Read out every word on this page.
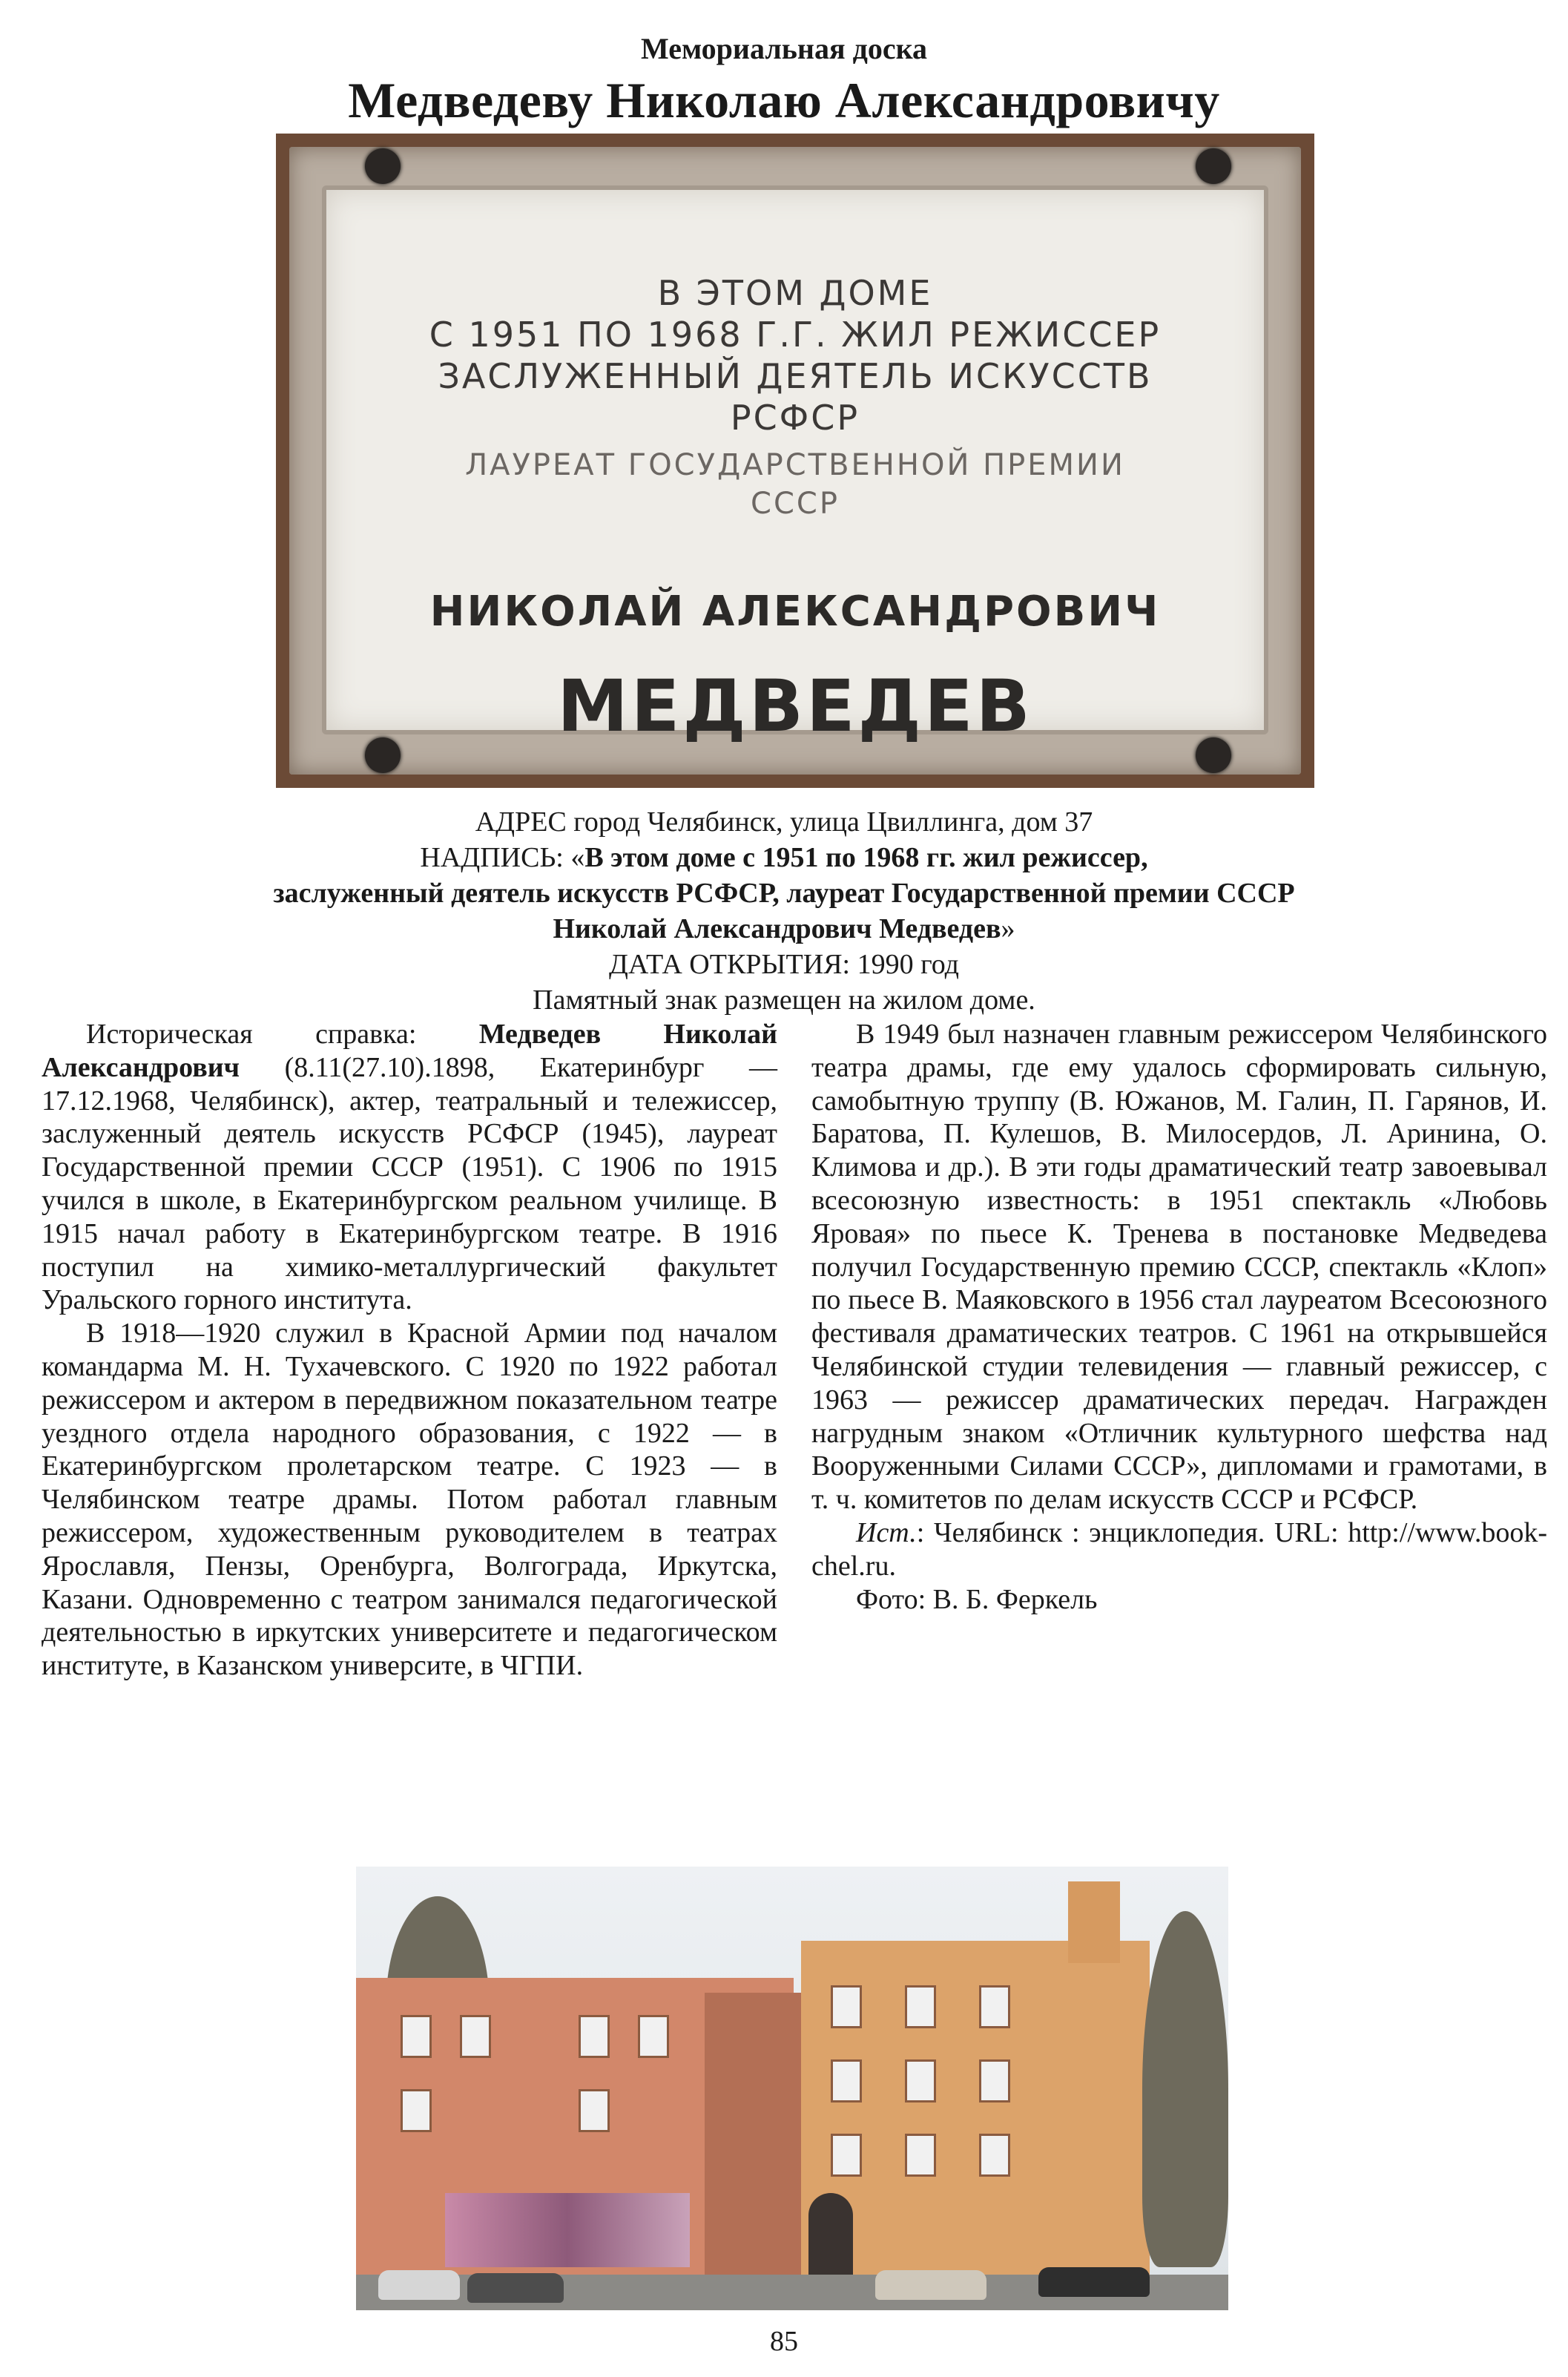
Мемориальная доска
Медведеву Николаю Александровичу
В ЭТОМ ДОМЕ
С 1951 ПО 1968 Г.Г. ЖИЛ РЕЖИССЕР
ЗАСЛУЖЕННЫЙ ДЕЯТЕЛЬ ИСКУССТВ
РСФСР
ЛАУРЕАТ ГОСУДАРСТВЕННОЙ ПРЕМИИ
СССР
НИКОЛАЙ АЛЕКСАНДРОВИЧ
МЕДВЕДЕВ
АДРЕС город Челябинск, улица Цвиллинга, дом 37
НАДПИСЬ: «В этом доме с 1951 по 1968 гг. жил режиссер,
заслуженный деятель искусств РСФСР, лауреат Государственной премии СССР
Николай Александрович Медведев»
ДАТА ОТКРЫТИЯ: 1990 год
Памятный знак размещен на жилом доме.

Историческая справка: Медведев Николай Александрович (8.11(27.10).1898, Екатеринбург — 17.12.1968, Челябинск), актер, театральный и тележиссер, заслуженный деятель искусств РСФСР (1945), лауреат Государственной премии СССР (1951). С 1906 по 1915 учился в школе, в Екатеринбургском реальном училище. В 1915 начал работу в Екатеринбургском театре. В 1916 поступил на химико-металлургический факультет Уральского горного института.

В 1918—1920 служил в Красной Армии под началом командарма М. Н. Тухачевского. С 1920 по 1922 работал режиссером и актером в передвижном показательном театре уездного отдела народного образования, с 1922 — в Екатеринбургском пролетарском театре. С 1923 — в Челябинском театре драмы. Потом работал главным режиссером, художественным руководителем в театрах Ярославля, Пензы, Оренбурга, Волгограда, Иркутска, Казани. Одновременно с театром занимался педагогической деятельностью в иркутских университете и педагогическом институте, в Казанском университе, в ЧГПИ.

В 1949 был назначен главным режиссером Челябинского театра драмы, где ему удалось сформировать сильную, самобытную труппу (В. Южанов, М. Галин, П. Гарянов, И. Баратова, П. Кулешов, В. Милосердов, Л. Аринина, О. Климова и др.). В эти годы драматический театр завоевывал всесоюзную известность: в 1951 спектакль «Любовь Яровая» по пьесе К. Тренева в постановке Медведева получил Государственную премию СССР, спектакль «Клоп» по пьесе В. Маяковского в 1956 стал лауреатом Всесоюзного фестиваля драматических театров. С 1961 на открывшейся Челябинской студии телевидения — главный режиссер, с 1963 — режиссер драматических передач. Награжден нагрудным знаком «Отличник культурного шефства над Вооруженными Силами СССР», дипломами и грамотами, в т. ч. комитетов по делам искусств СССР и РСФСР.

Ист.: Челябинск : энциклопедия. URL: http://www.book-chel.ru.

Фото: В. Б. Феркель

85
